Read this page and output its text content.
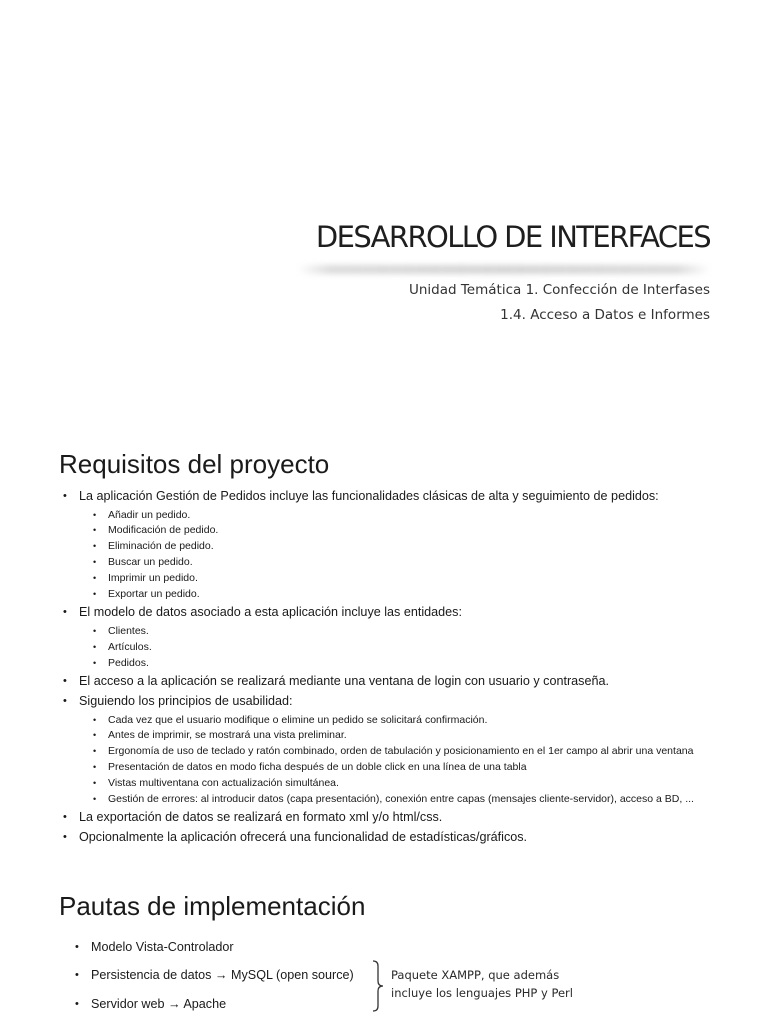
DESARROLLO DE INTERFACES

Unidad Temática 1. Confección de Interfases

1.4. Acceso a Datos e Informes

Requisitos del proyecto
• La aplicación Gestión de Pedidos incluye las funcionalidades clásicas de alta y seguimiento de pedidos:
• Añadir un pedido.
• Modificación de pedido.
• Eliminación de pedido.
• Buscar un pedido.
• Imprimir un pedido.
• Exportar un pedido.
• El modelo de datos asociado a esta aplicación incluye las entidades:
• Clientes.
• Artículos.
• Pedidos.
• El acceso a la aplicación se realizará mediante una ventana de login con usuario y contraseña.
• Siguiendo los principios de usabilidad:
• Cada vez que el usuario modifique o elimine un pedido se solicitará confirmación.
• Antes de imprimir, se mostrará una vista preliminar.
• Ergonomía de uso de teclado y ratón combinado, orden de tabulación y posicionamiento en el 1er campo al abrir una ventana
• Presentación de datos en modo ficha después de un doble click en una línea de una tabla
• Vistas multiventana con actualización simultánea.
• Gestión de errores: al introducir datos (capa presentación), conexión entre capas (mensajes cliente-servidor), acceso a BD, ...
• La exportación de datos se realizará en formato xml y/o html/css.
• Opcionalmente la aplicación ofrecerá una funcionalidad de estadísticas/gráficos.
Pautas de implementación
• Modelo Vista-Controlador
• Persistencia de datos → MySQL (open source)
• Servidor web → Apache
Paquete XAMPP, que además
incluye los lenguajes PHP y Perl
